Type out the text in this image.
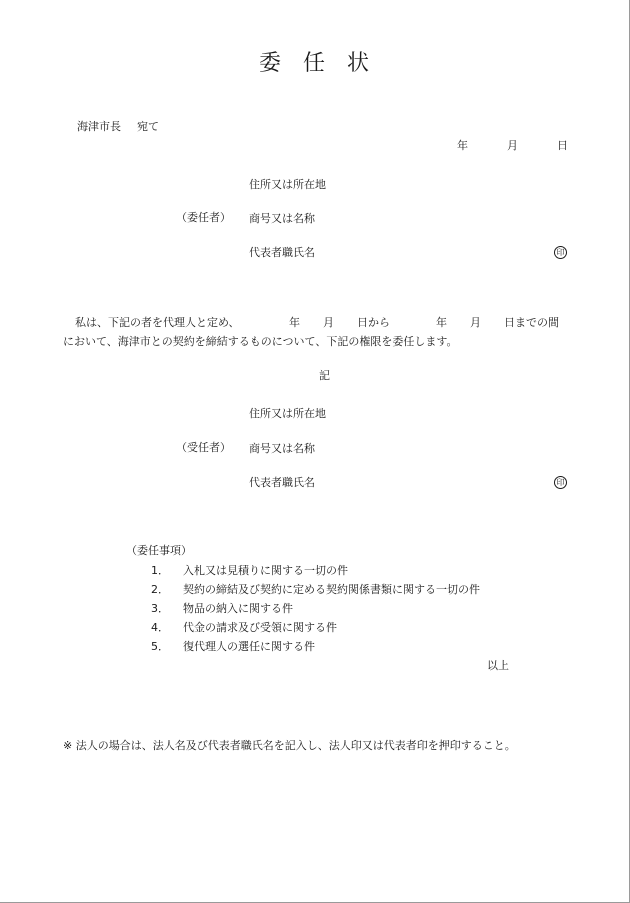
委 任 状
海津市長 宛て
年	月	日
住所又は所在地
（委任者） 商号又は名称
代表者職氏名	印
私は、下記の者を代理人と定め、	年 月 日から	年 月 日までの間
において、海津市との契約を締結するものについて、下記の権限を委任します。
記
住所又は所在地
（受任者） 商号又は名称
代表者職氏名	印
（委任事項）
1． 入札又は見積りに関する一切の件
2． 契約の締結及び契約に定める契約関係書類に関する一切の件
3． 物品の納入に関する件
4． 代金の請求及び受領に関する件
5． 復代理人の選任に関する件
以上
※ 法人の場合は、法人名及び代表者職氏名を記入し、法人印又は代表者印を押印すること。
